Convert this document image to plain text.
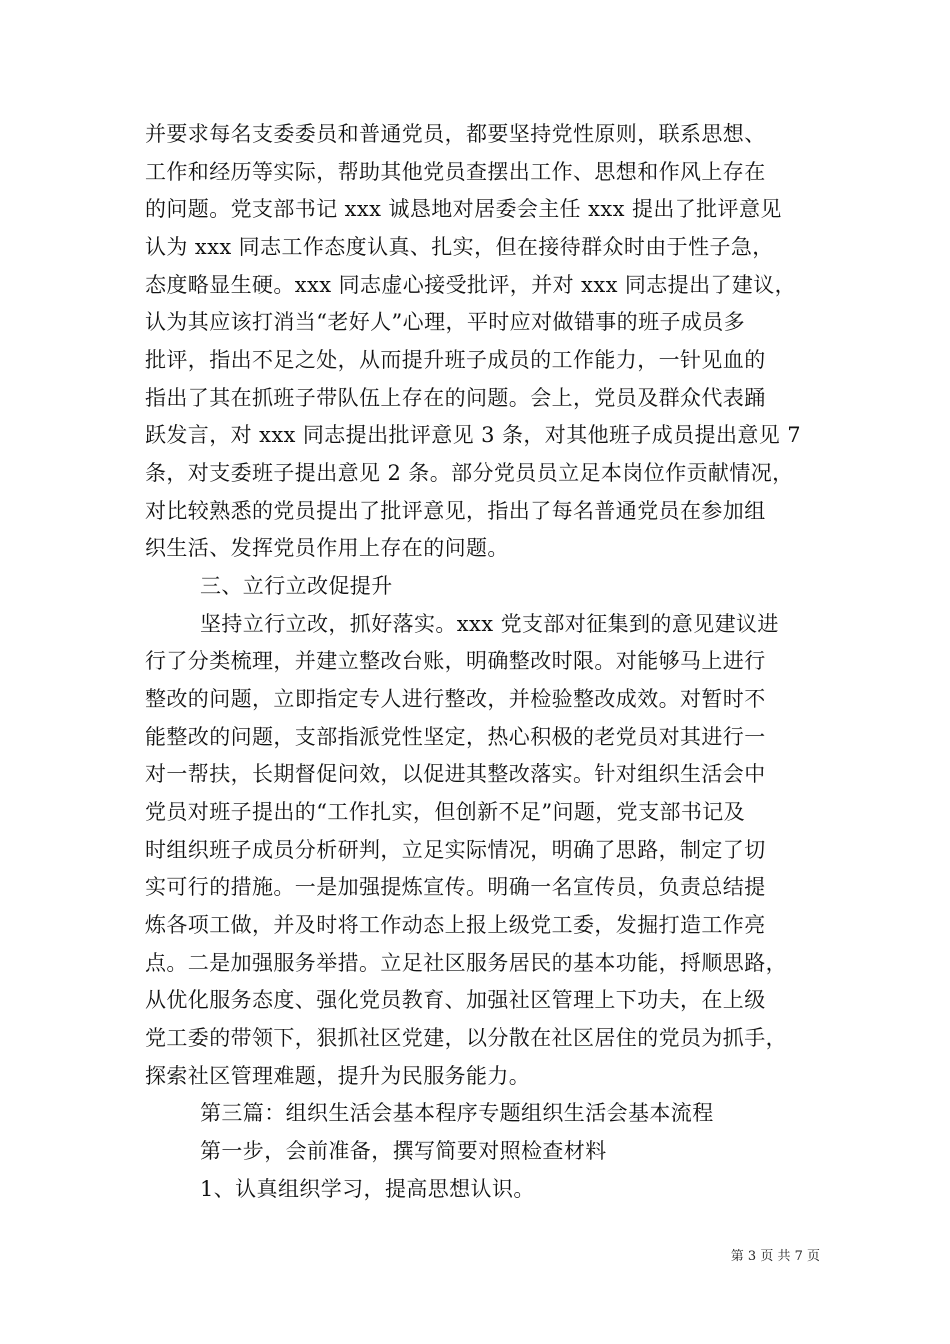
并要求每名支委委员和普通党员，都要坚持党性原则，联系思想、
工作和经历等实际，帮助其他党员查摆出工作、思想和作风上存在
的问题。党支部书记 xxx 诚恳地对居委会主任 xxx 提出了批评意见
认为 xxx 同志工作态度认真、扎实，但在接待群众时由于性子急，
态度略显生硬。xxx 同志虚心接受批评，并对 xxx 同志提出了建议，
认为其应该打消当“老好人”心理，平时应对做错事的班子成员多
批评，指出不足之处，从而提升班子成员的工作能力，一针见血的
指出了其在抓班子带队伍上存在的问题。会上，党员及群众代表踊
跃发言，对 xxx 同志提出批评意见 3 条，对其他班子成员提出意见 7
条，对支委班子提出意见 2 条。部分党员员立足本岗位作贡献情况，
对比较熟悉的党员提出了批评意见，指出了每名普通党员在参加组
织生活、发挥党员作用上存在的问题。
三、立行立改促提升
坚持立行立改，抓好落实。xxx 党支部对征集到的意见建议进
行了分类梳理，并建立整改台账，明确整改时限。对能够马上进行
整改的问题，立即指定专人进行整改，并检验整改成效。对暂时不
能整改的问题，支部指派党性坚定，热心积极的老党员对其进行一
对一帮扶，长期督促问效，以促进其整改落实。针对组织生活会中
党员对班子提出的“工作扎实，但创新不足”问题，党支部书记及
时组织班子成员分析研判，立足实际情况，明确了思路，制定了切
实可行的措施。一是加强提炼宣传。明确一名宣传员，负责总结提
炼各项工做，并及时将工作动态上报上级党工委，发掘打造工作亮
点。二是加强服务举措。立足社区服务居民的基本功能，捋顺思路，
从优化服务态度、强化党员教育、加强社区管理上下功夫，在上级
党工委的带领下，狠抓社区党建，以分散在社区居住的党员为抓手，
探索社区管理难题，提升为民服务能力。
第三篇：组织生活会基本程序专题组织生活会基本流程
第一步，会前准备，撰写简要对照检查材料
1、认真组织学习，提高思想认识。
第 3 页 共 7 页
